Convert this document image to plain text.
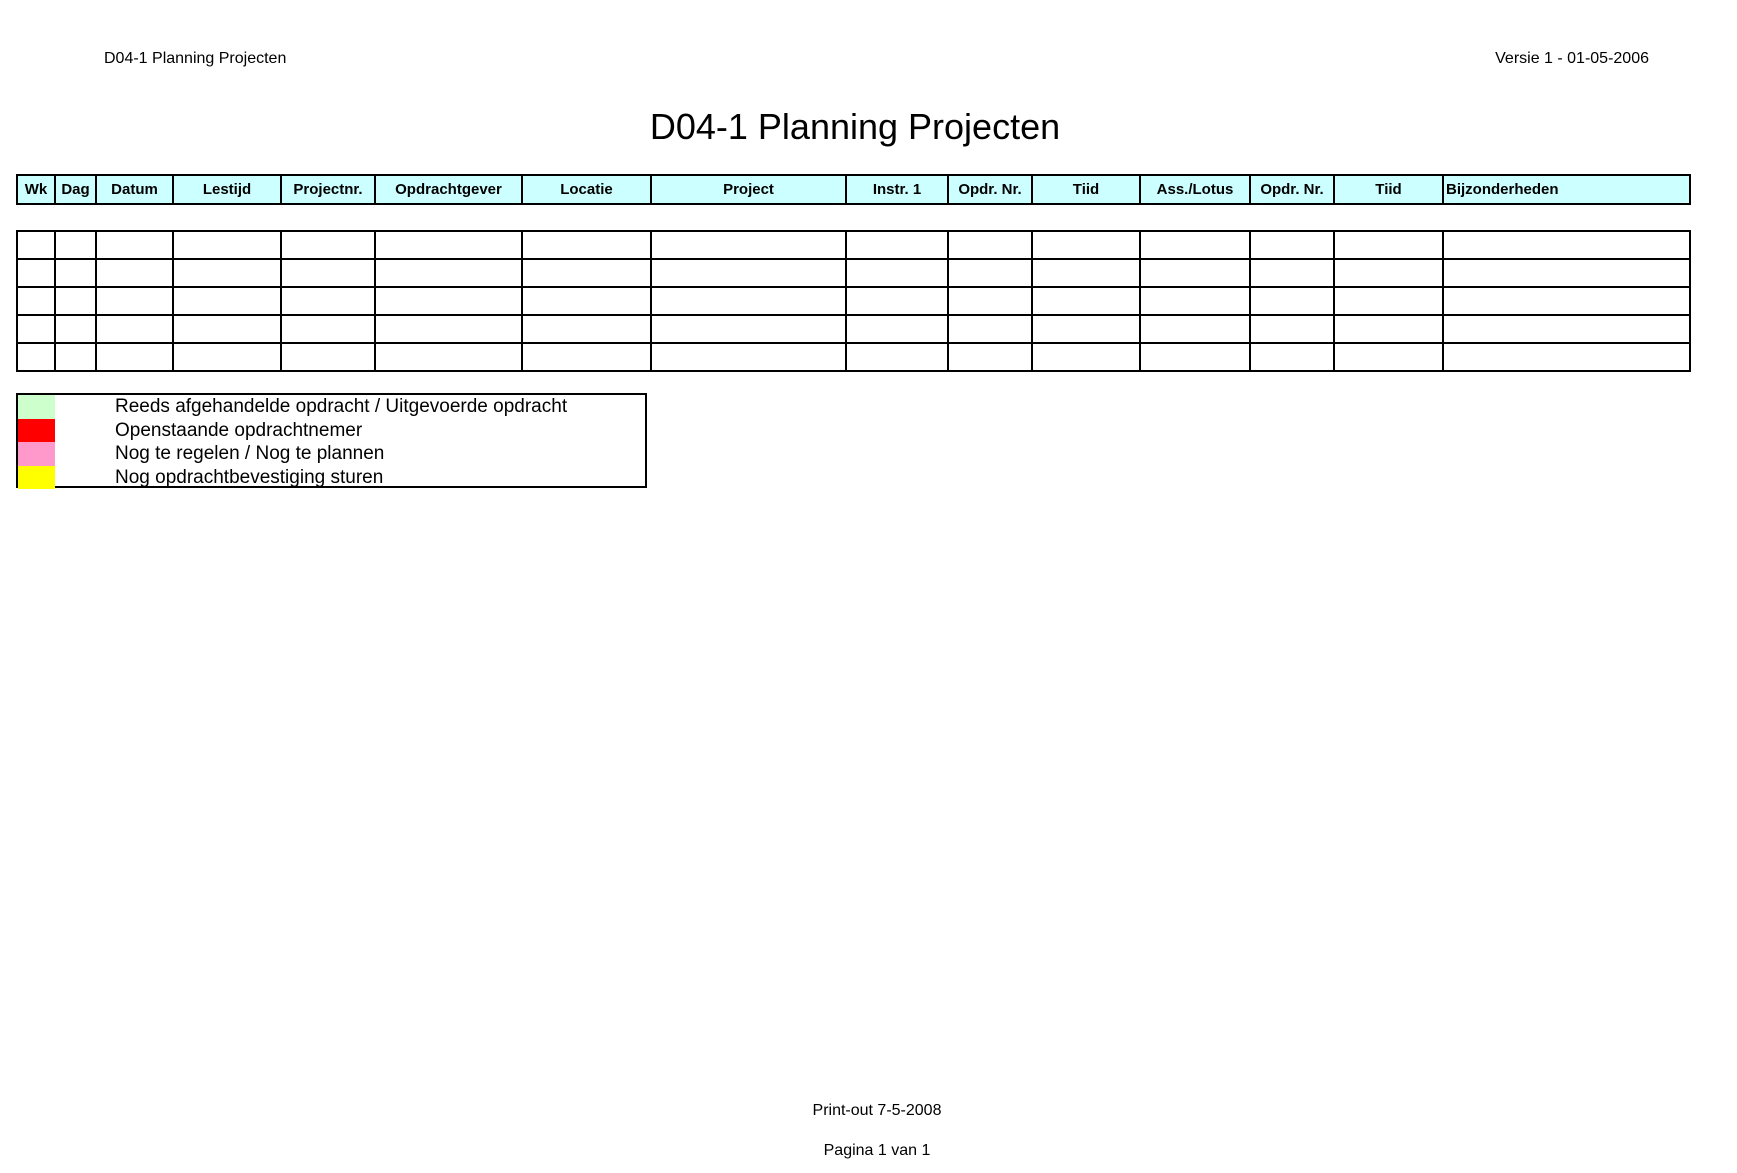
D04-1 Planning Projecten	Versie 1 - 01-05-2006
D04-1 Planning Projecten
Wk	Dag	Datum	Lestijd	Projectnr.	Opdrachtgever	Locatie	Project	Instr. 1	Opdr. Nr.	Tiid	Ass./Lotus	Opdr. Nr.	Tiid	Bijzonderheden

Reeds afgehandelde opdracht / Uitgevoerde opdracht
Openstaande opdrachtnemer
Nog te regelen / Nog te plannen
Nog opdrachtbevestiging sturen
Print-out 7-5-2008
Pagina 1 van 1
